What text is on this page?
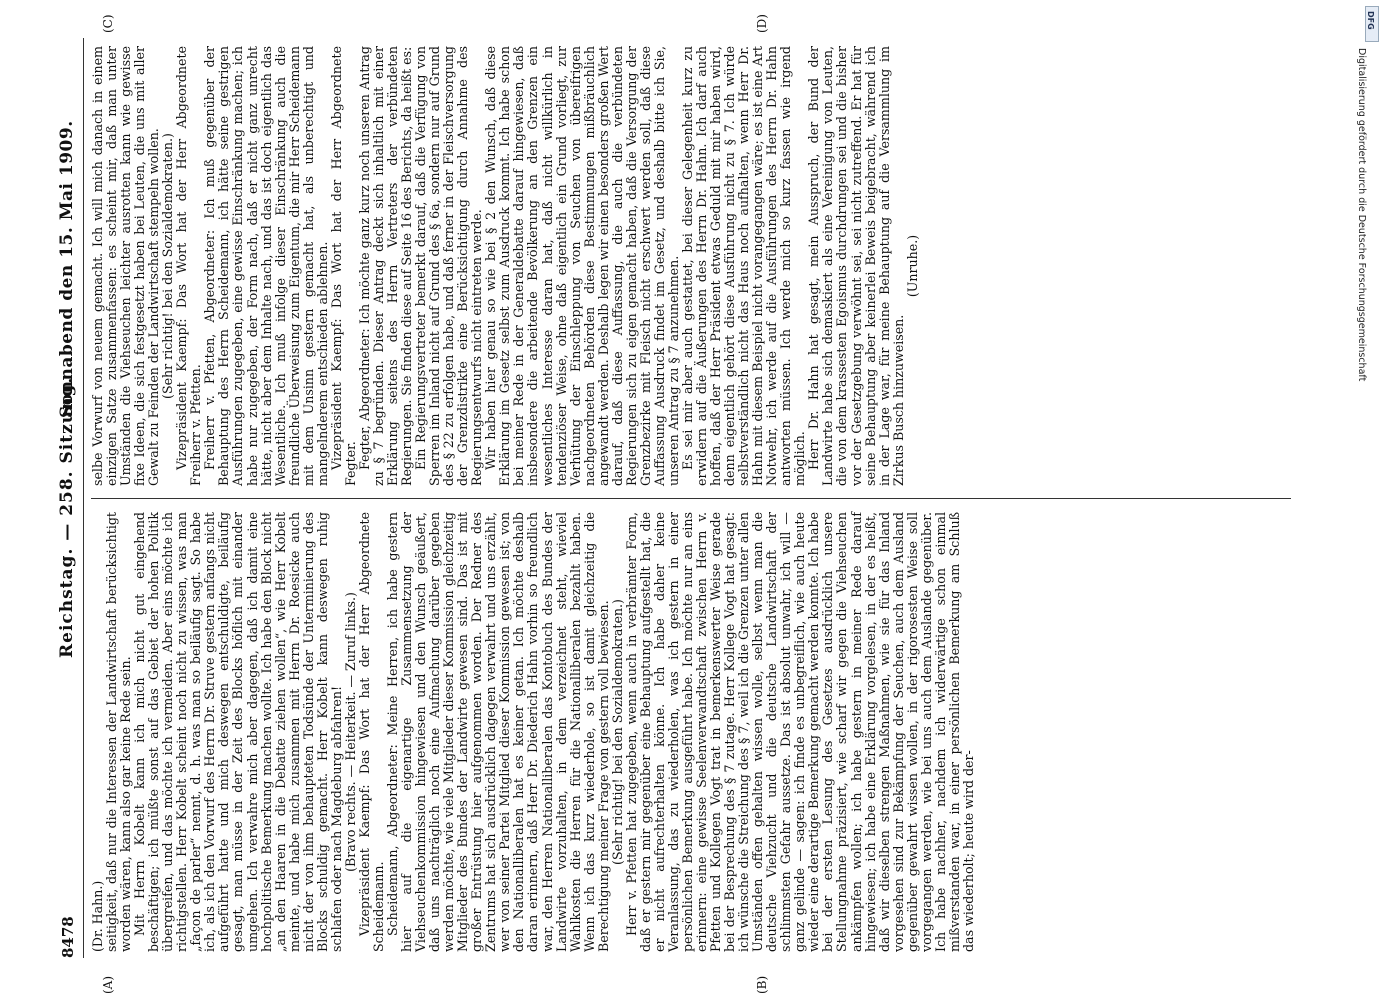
8478
Reichstag. — 258. Sitzung.
Sonnabend den 15. Mai 1909.
(A)	(B)
(C)	(D)

(Dr. Hahn.) seitigkeit, daß nur die Interessen der Landwirtschaft berücksichtigt worden wären, kann also gar keine Rede sein. Mit Herrn Kobelt kann ich mich nicht gut eingehend beschäftigen; ich müßte sonst auf das Gebiet der hohen Politik übergreifen, und das möchte ich vermeiden. Aber eins möchte ich richtigstellen. Herr Kobelt scheint noch nicht zu wissen, was man „façon de parler“ nennt, d. h. was man so beiläufig sagt. So habe ich, als ich den Vorwurf des Herrn Dr. Struve gestern anfangs nicht aufgeführt hatte und mich deswegen entschuldigte, beiläufig gesagt, man müsse in der Zeit des Blocks höflich mit einander umgehen. Ich verwahre mich aber dagegen, daß ich damit eine hochpolitische Bemerkung machen wollte. Ich habe den Block nicht „an den Haaren in die Debatte ziehen wollen“, wie Herr Kobelt meinte, und habe mich zusammen mit Herrn Dr. Roesicke auch nicht der von ihm behaupteten Todsünde der Unterminierung des Blocks schuldig gemacht. Herr Kobelt kann deswegen ruhig schlafen oder nach Magdeburg abfahren! (Bravo rechts. — Heiterkeit. — Zuruf links.) Vizepräsident Kaempf: Das Wort hat der Herr Abgeordnete Scheidemann. Scheidemann, Abgeordneter: Meine Herren, ich habe gestern hier auf die eigenartige Zusammensetzung der Viehseuchenkommission hingewiesen und den Wunsch geäußert, daß uns nachträglich noch eine Aufmachung darüber gegeben werden möchte, wie viele Mitglieder dieser Kommission gleichzeitig Mitglieder des Bundes der Landwirte gewesen sind. Das ist mit großer Entrüstung hier aufgenommen worden. Der Redner des Zentrums hat sich ausdrücklich dagegen verwahrt und uns erzählt, wer von seiner Partei Mitglied dieser Kommission gewesen ist; von den Nationalliberalen hat es keiner getan. Ich möchte deshalb daran erinnern, daß Herr Dr. Diederich Hahn vorhin so freundlich war, den Herren Nationalliberalen das Kontobuch des Bundes der Landwirte vorzuhalten, in dem verzeichnet steht, wieviel Wahlkosten die Herren für die Nationalliberalen bezahlt haben. Wenn ich das kurz wiederhole, so ist damit gleichzeitig die Berechtigung meiner Frage von gestern voll bewiesen. (Sehr richtig! bei den Sozialdemokraten.) Herr v. Pfetten hat zugegeben, wenn auch in verbrämter Form, daß er gestern mir gegenüber eine Behauptung aufgestellt hat, die er nicht aufrechterhalten könne. Ich habe daher keine Veranlassung, das zu wiederholen, was ich gestern in einer persönlichen Bemerkung ausgeführt habe. Ich möchte nur an eins erinnern: eine gewisse Seelenverwandtschaft zwischen Herrn v. Pfetten und Kollegen Vogt trat in bemerkenswerter Weise gerade bei der Besprechung des § 7 zutage. Herr Kollege Vogt hat gesagt: ich wünsche die Streichung des § 7, weil ich die Grenzen unter allen Umständen offen gehalten wissen wolle, selbst wenn man die deutsche Viehzucht und die deutsche Landwirtschaft der schlimmsten Gefahr aussetze. Das ist absolut unwahr, ich will — ganz gelinde — sagen: ich finde es unbegreiflich, wie auch heute wieder eine derartige Bemerkung gemacht werden konnte. Ich habe bei der ersten Lesung des Gesetzes ausdrücklich unsere Stellungnahme präzisiert, wie scharf wir gegen die Viehseuchen ankämpfen wollen; ich habe gestern in meiner Rede darauf hingewiesen; ich habe eine Erklärung vorgelesen, in der es heißt, daß wir dieselben strengen Maßnahmen, wie sie für das Inland vorgesehen sind zur Bekämpfung der Seuchen, auch dem Ausland gegenüber gewahrt wissen wollen, in der rigorosesten Weise soll vorgegangen werden, wie bei uns auch dem Auslande gegenüber. Ich habe nachher, nachdem ich widerwärtige schon einmal mißverstanden war, in einer persönlichen Bemerkung am Schluß das wiederholt; heute wird der-

selbe Vorwurf von neuem gemacht. Ich will mich danach in einem einzigen Satze zusammenfassen: es scheint mir, daß man unter Umständen die Viehseuchen leichter ausrotten kann wie gewisse fixe Ideen, die sich festgesetzt haben bei Leuten, die uns mit aller Gewalt zu Feinden der Landwirtschaft stempeln wollen. (Sehr richtig! bei den Sozialdemokraten.) Vizepräsident Kaempf: Das Wort hat der Herr Abgeordnete Freiherr v. Pfetten. Freiherr v. Pfetten, Abgeordneter: Ich muß gegenüber der Behauptung des Herrn Scheidemann, ich hätte seine gestrigen Ausführungen zugegeben, eine gewisse Einschränkung machen; ich habe nur zugegeben, der Form nach, daß er nicht ganz unrecht hätte, nicht aber dem Inhalte nach, und das ist doch eigentlich das Wesentliche. Ich muß infolge dieser Einschränkung auch die freundliche Überweisung zum Eigentum, die mir Herr Scheidemann mit dem Unsinn gestern gemacht hat, als unberechtigt und mangelnderem entschieden ablehnen. Vizepräsident Kaempf: Das Wort hat der Herr Abgeordnete Fegter. Fegter, Abgeordneter: Ich möchte ganz kurz noch unseren Antrag zu § 7 begründen. Dieser Antrag deckt sich inhaltlich mit einer Erklärung seitens des Herrn Vertreters der verbündeten Regierungen. Sie finden diese auf Seite 16 des Berichts, da heißt es: Ein Regierungsvertreter bemerkt darauf, daß die Verfügung von Sperren im Inland nicht auf Grund des § 6a, sondern nur auf Grund des § 22 zu erfolgen habe, und daß ferner in der Fleischversorgung der Grenzdistrikte eine Berücksichtigung durch Annahme des Regierungsentwurfs nicht eintreten werde. Wir haben hier genau so wie bei § 2 den Wunsch, daß diese Erklärung im Gesetz selbst zum Ausdruck kommt. Ich habe schon bei meiner Rede in der Generaldebatte darauf hingewiesen, daß insbesondere die arbeitende Bevölkerung an den Grenzen ein wesentliches Interesse daran hat, daß nicht willkürlich in tendenziöser Weise, ohne daß eigentlich ein Grund vorliegt, zur Verhütung der Einschleppung von Seuchen von übereifrigen nachgeordneten Behörden diese Bestimmungen mißbräuchlich angewandt werden. Deshalb legen wir einen besonders großen Wert darauf, daß diese Auffassung, die auch die verbündeten Regierungen sich zu eigen gemacht haben, daß die Versorgung der Grenzbezirke mit Fleisch nicht erschwert werden soll, daß diese Auffassung Ausdruck findet im Gesetz, und deshalb bitte ich Sie, unseren Antrag zu § 7 anzunehmen. Es sei mir aber auch gestattet, bei dieser Gelegenheit kurz zu erwidern auf die Äußerungen des Herrn Dr. Hahn. Ich darf auch hoffen, daß der Herr Präsident etwas Geduld mit mir haben wird, denn eigentlich gehört diese Ausführung nicht zu § 7. Ich würde selbstverständlich nicht das Haus noch aufhalten, wenn Herr Dr. Hahn mit diesem Beispiel nicht vorangegangen wäre; es ist eine Art Notwehr, ich werde auf die Ausführungen des Herrn Dr. Hahn antworten müssen. Ich werde mich so kurz fassen wie irgend möglich. Herr Dr. Hahn hat gesagt, mein Ausspruch, der Bund der Landwirte habe sich demaskiert als eine Vereinigung von Leuten, die von dem krassesten Egoismus durchdrungen sei und die bisher vor der Gesetzgebung verwöhnt sei, sei nicht zutreffend. Er hat für seine Behauptung aber keinerlei Beweis beigebracht, während ich in der Lage war, für meine Behauptung auf die Versammlung im Zirkus Busch hinzuweisen.

(Unruhe.)

DFG
Digitalisierung gefördert durch die Deutsche Forschungsgemeinschaft
